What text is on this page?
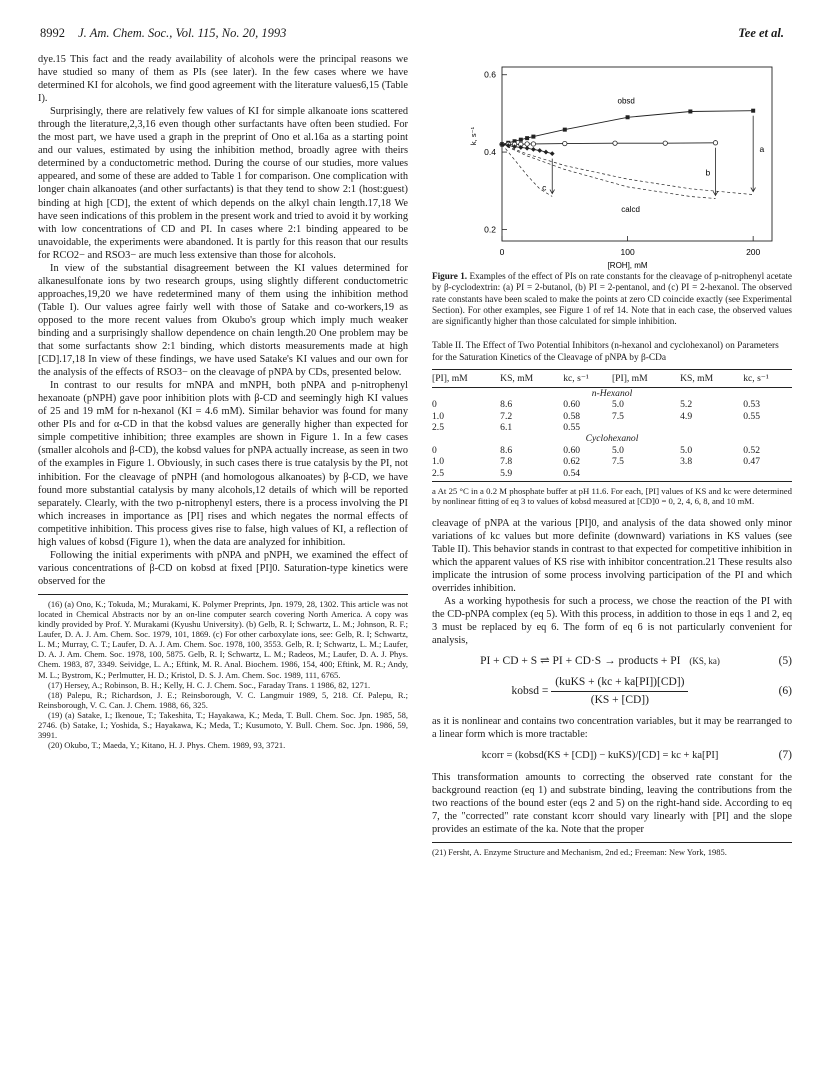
8992 J. Am. Chem. Soc., Vol. 115, No. 20, 1993	Tee et al.

dye.15 This fact and the ready availability of alcohols were the principal reasons we have studied so many of them as PIs (see later). In the few cases where we have determined KI for alcohols, we find good agreement with the literature values6,15 (Table I).

Surprisingly, there are relatively few values of KI for simple alkanoate ions scattered through the literature,2,3,16 even though other surfactants have often been studied. For the most part, we have used a graph in the preprint of Ono et al.16a as a starting point and our values, estimated by using the inhibition method, broadly agree with theirs determined by a conductometric method. During the course of our studies, more values appeared, and some of these are added to Table 1 for comparison. One complication with longer chain alkanoates (and other surfactants) is that they tend to show 2:1 (host:guest) binding at high [CD], the extent of which depends on the alkyl chain length.17,18 We have seen indications of this problem in the present work and tried to avoid it by working with low concentrations of CD and PI. In cases where 2:1 binding appeared to be unavoidable, the experiments were abandoned. It is partly for this reason that our results for RCO2− and RSO3− are much less extensive than those for alcohols.

In view of the substantial disagreement between the KI values determined for alkanesulfonate ions by two research groups, using slightly different conductometric approaches,19,20 we have redetermined many of them using the inhibition method (Table I). Our values agree fairly well with those of Satake and co-workers,19 as opposed to the more recent values from Okubo's group which imply much weaker binding and a surprisingly shallow dependence on chain length.20 One problem may be that some surfactants show 2:1 binding, which distorts measurements made at high [CD].17,18 In view of these findings, we have used Satake's KI values and our own for the analysis of the effects of RSO3− on the cleavage of pNPA by CDs, presented below.

In contrast to our results for mNPA and mNPH, both pNPA and p-nitrophenyl hexanoate (pNPH) gave poor inhibition plots with β-CD and seemingly high KI values of 25 and 19 mM for n-hexanol (KI = 4.6 mM). Similar behavior was found for many other PIs and for α-CD in that the kobsd values are generally higher than expected for simple competitive inhibition; three examples are shown in Figure 1. In a few cases (smaller alcohols and β-CD), the kobsd values for pNPA actually increase, as seen in two of the examples in Figure 1. Obviously, in such cases there is true catalysis by the PI, not inhibition. For the cleavage of pNPH (and homologous alkanoates) by β-CD, we have found more substantial catalysis by many alcohols,12 details of which will be reported separately. Clearly, with the two p-nitrophenyl esters, there is a process involving the PI which increases in importance as [PI] rises and which negates the normal effects of competitive inhibition. This process gives rise to false, high values of KI, a reflection of high values of kobsd (Figure 1), when the data are analyzed for inhibition.

Following the initial experiments with pNPA and pNPH, we examined the effect of various concentrations of β-CD on kobsd at fixed [PI]0. Saturation-type kinetics were observed for the

(16) (a) Ono, K.; Tokuda, M.; Murakami, K. Polymer Preprints, Jpn. 1979, 28, 1302. This article was not located in Chemical Abstracts nor by an on-line computer search covering North America. A copy was kindly provided by Prof. Y. Murakami (Kyushu University). (b) Gelb, R. I; Schwartz, L. M.; Johnson, R. F.; Laufer, D. A. J. Am. Chem. Soc. 1979, 101, 1869. (c) For other carboxylate ions, see: Gelb, R. I; Schwartz, L. M.; Murray, C. T.; Laufer, D. A. J. Am. Chem. Soc. 1978, 100, 3553. Gelb, R. I; Schwartz, L. M.; Laufer, D. A. J. Am. Chem. Soc. 1978, 100, 5875. Gelb, R. I; Schwartz, L. M.; Radeos, M.; Laufer, D. A. J. Phys. Chem. 1983, 87, 3349. Seividge, L. A.; Eftink, M. R. Anal. Biochem. 1986, 154, 400; Eftink, M. R.; Andy, M. L.; Bystrom, K.; Perlmutter, H. D.; Kristol, D. S. J. Am. Chem. Soc. 1989, 111, 6765.
(17) Hersey, A.; Robinson, B. H.; Kelly, H. C. J. Chem. Soc., Faraday Trans. 1 1986, 82, 1271.
(18) Palepu, R.; Richardson, J. E.; Reinsborough, V. C. Langmuir 1989, 5, 218. Cf. Palepu, R.; Reinsborough, V. C. Can. J. Chem. 1988, 66, 325.
(19) (a) Satake, I.; Ikenoue, T.; Takeshita, T.; Hayakawa, K.; Meda, T. Bull. Chem. Soc. Jpn. 1985, 58, 2746. (b) Satake, I.; Yoshida, S.; Hayakawa, K.; Meda, T.; Kusumoto, Y. Bull. Chem. Soc. Jpn. 1986, 59, 3991.
(20) Okubo, T.; Maeda, Y.; Kitano, H. J. Phys. Chem. 1989, 93, 3721.
0.6
0.4
0.2
0	100	200
[ROH], mM
k, s⁻¹
obsd
calcd
a
b
c
Figure 1. Examples of the effect of PIs on rate constants for the cleavage of p-nitrophenyl acetate by β-cyclodextrin: (a) PI = 2-butanol, (b) PI = 2-pentanol, and (c) PI = 2-hexanol. The observed rate constants have been scaled to make the points at zero CD coincide exactly (see Experimental Section). For other examples, see Figure 1 of ref 14. Note that in each case, the observed values are significantly higher than those calculated for simple inhibition.
Table II. The Effect of Two Potential Inhibitors (n-hexanol and cyclohexanol) on Parameters for the Saturation Kinetics of the Cleavage of pNPA by β-CDa
[PI], mM	KS, mM	kc, s⁻¹	[PI], mM	KS, mM	kc, s⁻¹
n-Hexanol					
0	8.6	0.60	5.0	5.2	0.53
1.0	7.2	0.58	7.5	4.9	0.55
2.5	6.1	0.55			
Cyclohexanol					
0	8.6	0.60	5.0	5.0	0.52
1.0	7.8	0.62	7.5	3.8	0.47
2.5	5.9	0.54			
a At 25 °C in a 0.2 M phosphate buffer at pH 11.6. For each, [PI] values of KS and kc were determined by nonlinear fitting of eq 3 to values of kobsd measured at [CD]0 = 0, 2, 4, 6, 8, and 10 mM.

cleavage of pNPA at the various [PI]0, and analysis of the data showed only minor variations of kc values but more definite (downward) variations in KS values (see Table II). This behavior stands in contrast to that expected for competitive inhibition in which the apparent values of KS rise with inhibitor concentration.21 These results also implicate the intrusion of some process involving participation of the PI and which overrides inhibition.

As a working hypothesis for such a process, we chose the reaction of the PI with the CD-pNPA complex (eq 5). With this process, in addition to those in eqs 1 and 2, eq 3 must be replaced by eq 6. The form of eq 6 is not particularly convenient for analysis,

PI + CD + S ⇌ PI + CD·S → products + PI (KS, ka)	(5)
kobsd = $\frac{\text{(kuKS + (kc + ka[PI])[CD])}}{(KS + [CD])}$	(6)

as it is nonlinear and contains two concentration variables, but it may be rearranged to a linear form which is more tractable:

kcorr = (kobsd(KS + [CD]) − kuKS)/[CD] = kc + ka[PI]	(7)

This transformation amounts to correcting the observed rate constant for the background reaction (eq 1) and substrate binding, leaving the contributions from the two reactions of the bound ester (eqs 2 and 5) on the right-hand side. According to eq 7, the "corrected" rate constant kcorr should vary linearly with [PI] and the slope provides an estimate of the ka. Note that the proper

(21) Fersht, A. Enzyme Structure and Mechanism, 2nd ed.; Freeman: New York, 1985.
